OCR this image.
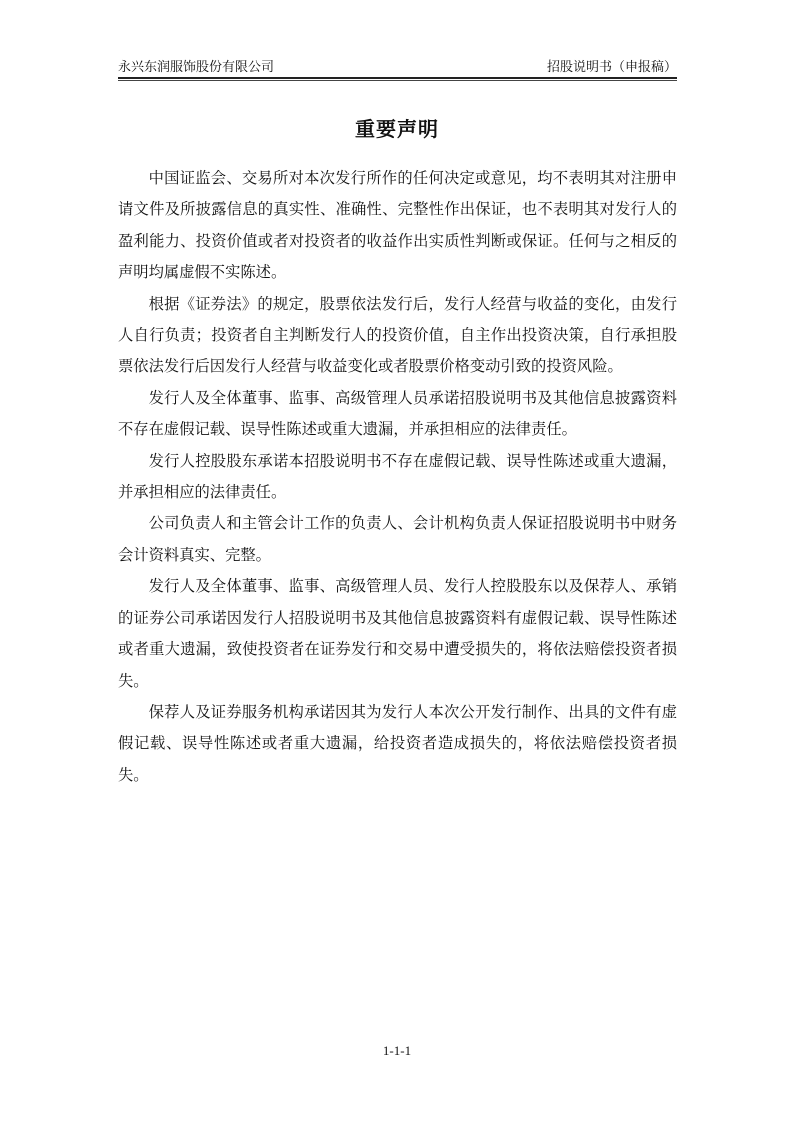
永兴东润服饰股份有限公司	招股说明书（申报稿）
重要声明

中国证监会、交易所对本次发行所作的任何决定或意见，均不表明其对注册申请文件及所披露信息的真实性、准确性、完整性作出保证，也不表明其对发行人的盈利能力、投资价值或者对投资者的收益作出实质性判断或保证。任何与之相反的声明均属虚假不实陈述。

根据《证券法》的规定，股票依法发行后，发行人经营与收益的变化，由发行人自行负责；投资者自主判断发行人的投资价值，自主作出投资决策，自行承担股票依法发行后因发行人经营与收益变化或者股票价格变动引致的投资风险。

发行人及全体董事、监事、高级管理人员承诺招股说明书及其他信息披露资料不存在虚假记载、误导性陈述或重大遗漏，并承担相应的法律责任。

发行人控股股东承诺本招股说明书不存在虚假记载、误导性陈述或重大遗漏，并承担相应的法律责任。

公司负责人和主管会计工作的负责人、会计机构负责人保证招股说明书中财务会计资料真实、完整。

发行人及全体董事、监事、高级管理人员、发行人控股股东以及保荐人、承销的证券公司承诺因发行人招股说明书及其他信息披露资料有虚假记载、误导性陈述或者重大遗漏，致使投资者在证券发行和交易中遭受损失的，将依法赔偿投资者损失。

保荐人及证券服务机构承诺因其为发行人本次公开发行制作、出具的文件有虚假记载、误导性陈述或者重大遗漏，给投资者造成损失的，将依法赔偿投资者损失。

1-1-1
